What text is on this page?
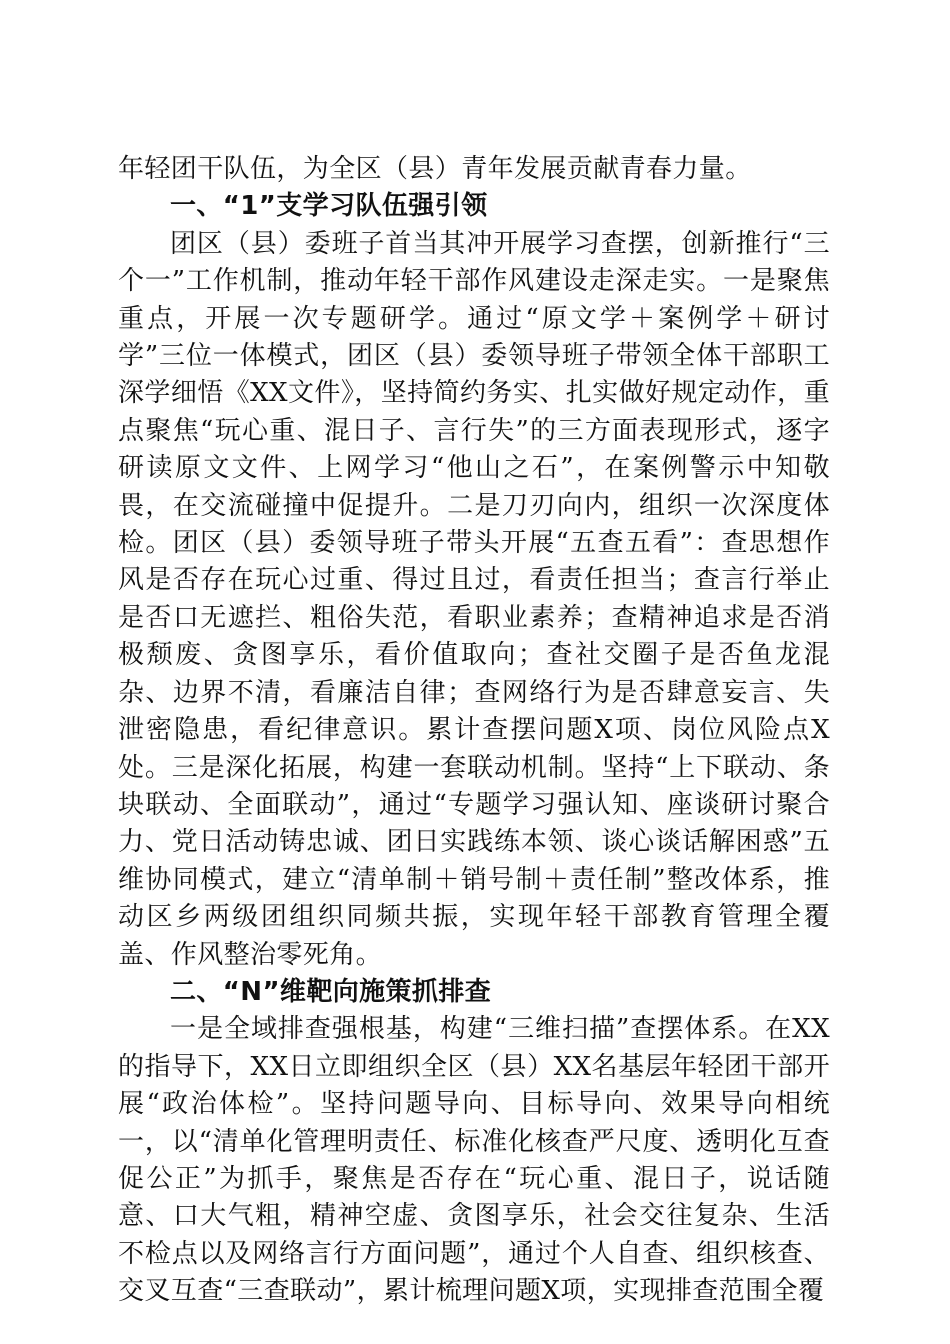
年轻团干队伍，为全区（县）青年发展贡献青春力量。

一、“1”支学习队伍强引领

团区（县）委班子首当其冲开展学习查摆，创新推行“三个一”工作机制，推动年轻干部作风建设走深走实。一是聚焦重点，开展一次专题研学。通过“原文学＋案例学＋研讨学”三位一体模式，团区（县）委领导班子带领全体干部职工深学细悟《XX文件》，坚持简约务实、扎实做好规定动作，重点聚焦“玩心重、混日子、言行失”的三方面表现形式，逐字研读原文文件、上网学习“他山之石”，在案例警示中知敬畏，在交流碰撞中促提升。二是刀刃向内，组织一次深度体检。团区（县）委领导班子带头开展“五查五看”：查思想作风是否存在玩心过重、得过且过，看责任担当；查言行举止是否口无遮拦、粗俗失范，看职业素养；查精神追求是否消极颓废、贪图享乐，看价值取向；查社交圈子是否鱼龙混杂、边界不清，看廉洁自律；查网络行为是否肆意妄言、失泄密隐患，看纪律意识。累计查摆问题X项、岗位风险点X处。三是深化拓展，构建一套联动机制。坚持“上下联动、条块联动、全面联动”，通过“专题学习强认知、座谈研讨聚合力、党日活动铸忠诚、团日实践练本领、谈心谈话解困惑”五维协同模式，建立“清单制＋销号制＋责任制”整改体系，推动区乡两级团组织同频共振，实现年轻干部教育管理全覆盖、作风整治零死角。

二、“N”维靶向施策抓排查

一是全域排查强根基，构建“三维扫描”查摆体系。在XX的指导下，XX日立即组织全区（县）XX名基层年轻团干部开展“政治体检”。坚持问题导向、目标导向、效果导向相统一，以“清单化管理明责任、标准化核查严尺度、透明化互查促公正”为抓手，聚焦是否存在“玩心重、混日子，说话随意、口大气粗，精神空虚、贪图享乐，社会交往复杂、生活不检点以及网络言行方面问题”，通过个人自查、组织核查、交叉互查“三查联动”，累计梳理问题X项，实现排查范围全覆
